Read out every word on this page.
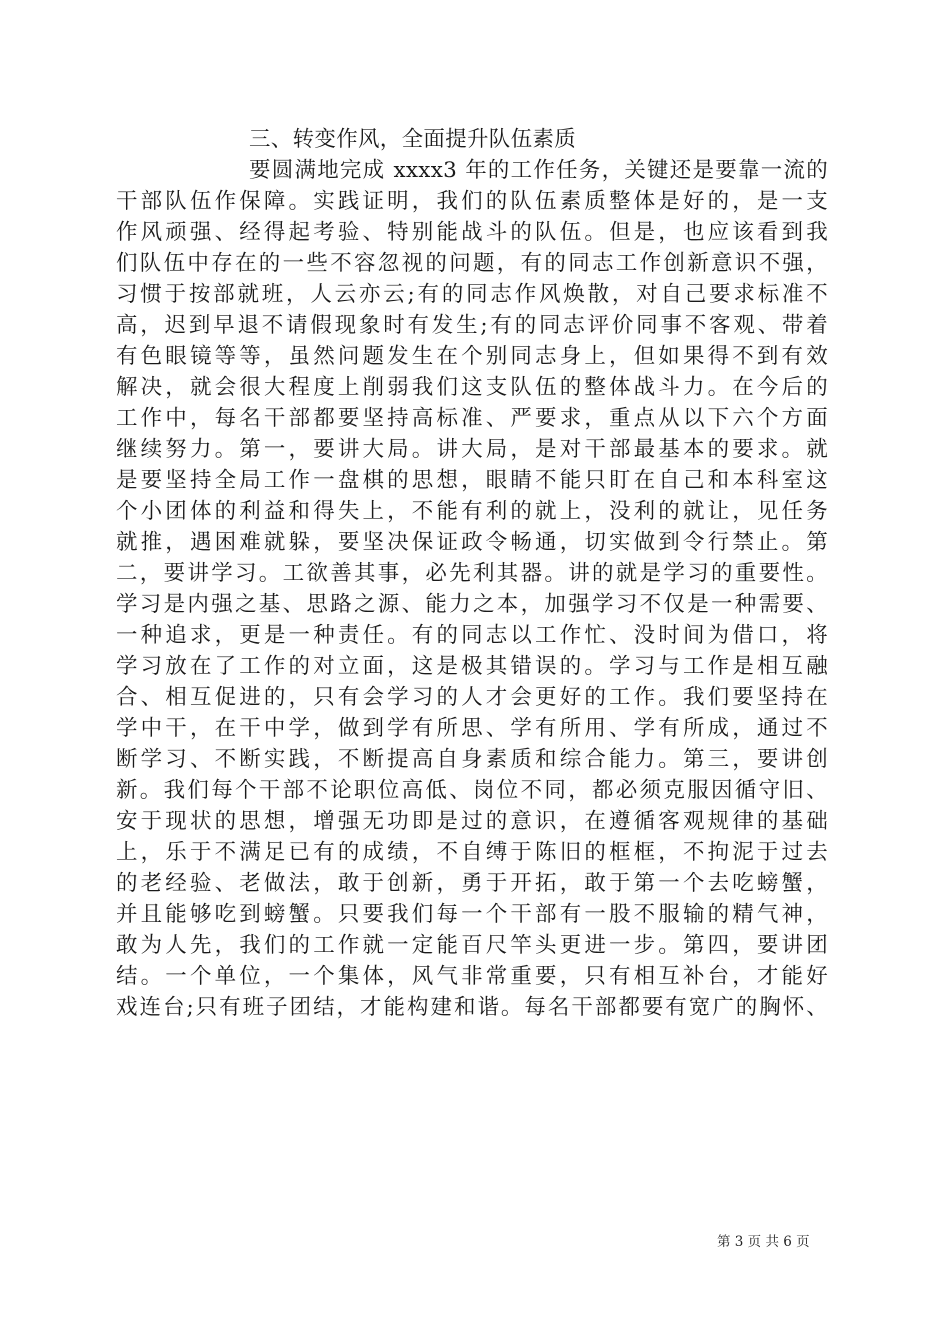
三、转变作风，全面提升队伍素质
要圆满地完成 xxxx3 年的工作任务，关键还是要靠一流的
干部队伍作保障。实践证明，我们的队伍素质整体是好的，是一支
作风顽强、经得起考验、特别能战斗的队伍。但是，也应该看到我
们队伍中存在的一些不容忽视的问题，有的同志工作创新意识不强，
习惯于按部就班，人云亦云;有的同志作风焕散，对自己要求标准不
高，迟到早退不请假现象时有发生;有的同志评价同事不客观、带着
有色眼镜等等，虽然问题发生在个别同志身上，但如果得不到有效
解决，就会很大程度上削弱我们这支队伍的整体战斗力。在今后的
工作中，每名干部都要坚持高标准、严要求，重点从以下六个方面
继续努力。第一，要讲大局。讲大局，是对干部最基本的要求。就
是要坚持全局工作一盘棋的思想，眼睛不能只盯在自己和本科室这
个小团体的利益和得失上，不能有利的就上，没利的就让，见任务
就推，遇困难就躲，要坚决保证政令畅通，切实做到令行禁止。第
二，要讲学习。工欲善其事，必先利其器。讲的就是学习的重要性。
学习是内强之基、思路之源、能力之本，加强学习不仅是一种需要、
一种追求，更是一种责任。有的同志以工作忙、没时间为借口，将
学习放在了工作的对立面，这是极其错误的。学习与工作是相互融
合、相互促进的，只有会学习的人才会更好的工作。我们要坚持在
学中干，在干中学，做到学有所思、学有所用、学有所成，通过不
断学习、不断实践，不断提高自身素质和综合能力。第三，要讲创
新。我们每个干部不论职位高低、岗位不同，都必须克服因循守旧、
安于现状的思想，增强无功即是过的意识，在遵循客观规律的基础
上，乐于不满足已有的成绩，不自缚于陈旧的框框，不拘泥于过去
的老经验、老做法，敢于创新，勇于开拓，敢于第一个去吃螃蟹，
并且能够吃到螃蟹。只要我们每一个干部有一股不服输的精气神，
敢为人先，我们的工作就一定能百尺竿头更进一步。第四，要讲团
结。一个单位，一个集体，风气非常重要，只有相互补台，才能好
戏连台;只有班子团结，才能构建和谐。每名干部都要有宽广的胸怀、
第 3 页 共 6 页
